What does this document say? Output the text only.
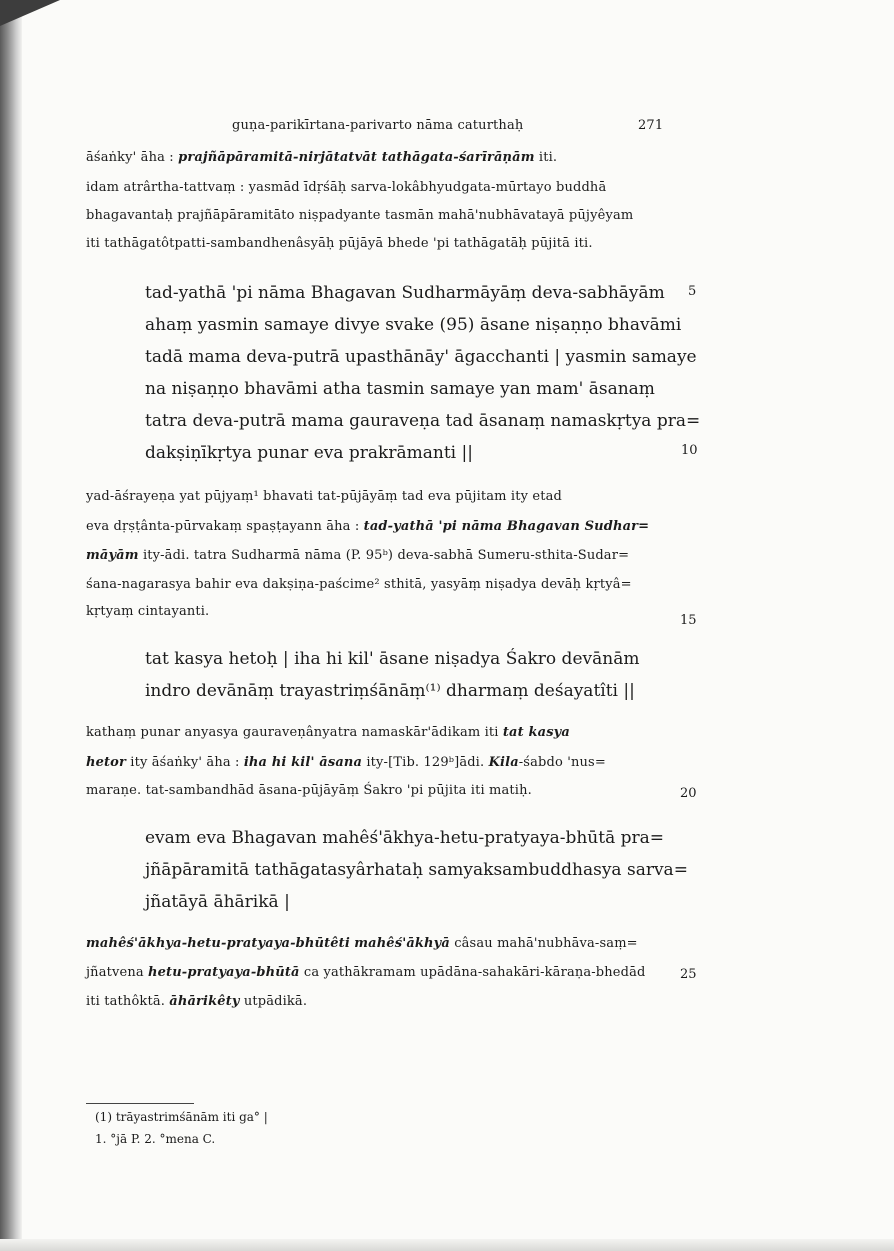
guṇa-parikīrtana-parivarto nāma caturthaḥ	271
āśaṅky' āha : prajñāpāramitā-nirjātatvāt tathāgata-śarīrāṇām iti.
idam atrârtha-tattvaṃ : yasmād īdṛśāḥ sarva-lokâbhyudgata-mūrtayo buddhā
bhagavantaḥ prajñāpāramitāto niṣpadyante tasmān mahā'nubhāvatayā pūjyêyam
iti tathāgatôtpatti-sambandhenâsyāḥ pūjāyā bhede 'pi tathāgatāḥ pūjitā iti.
tad-yathā 'pi nāma Bhagavan Sudharmāyāṃ deva-sabhāyām
ahaṃ yasmin samaye divye svake (95) āsane niṣaṇṇo bhavāmi
tadā mama deva-putrā upasthānāy' āgacchanti | yasmin samaye
na niṣaṇṇo bhavāmi atha tasmin samaye yan mam' āsanaṃ
tatra deva-putrā mama gauraveṇa tad āsanaṃ namaskṛtya pra=
dakṣiṇīkṛtya punar eva prakrāmanti ||
yad-āśrayeṇa yat pūjyaṃ¹ bhavati tat-pūjāyāṃ tad eva pūjitam ity etad
eva dṛṣṭânta-pūrvakaṃ spaṣṭayann āha : tad-yathā 'pi nāma Bhagavan Sudhar=
māyām ity-ādi. tatra Sudharmā nāma (P. 95ᵇ) deva-sabhā Sumeru-sthita-Sudar=
śana-nagarasya bahir eva dakṣiṇa-paścime² sthitā, yasyāṃ niṣadya devāḥ kṛtyâ=
kṛtyaṃ cintayanti.
tat kasya hetoḥ | iha hi kil' āsane niṣadya Śakro devānām
indro devānāṃ trayastriṃśānāṃ⁽¹⁾ dharmaṃ deśayatîti ||
kathaṃ punar anyasya gauraveṇânyatra namaskār'ādikam iti tat kasya
hetor ity āśaṅky' āha : iha hi kil' āsana ity-[Tib. 129ᵇ]ādi. Kila-śabdo 'nus=
maraṇe. tat-sambandhād āsana-pūjāyāṃ Śakro 'pi pūjita iti matiḥ.
evam eva Bhagavan mahêś'ākhya-hetu-pratyaya-bhūtā pra=
jñāpāramitā tathāgatasyârhataḥ samyaksambuddhasya sarva=
jñatāyā āhārikā |
mahêś'ākhya-hetu-pratyaya-bhūtêti mahêś'ākhyā câsau mahā'nubhāva-saṃ=
jñatvena hetu-pratyaya-bhūtā ca yathākramam upādāna-sahakāri-kāraṇa-bhedād
iti tathôktā. āhārikêty utpādikā.
(1) trāyastrimśānām iti ga° |
1. °jā P. 2. °mena C.
5
10
15
20
25
